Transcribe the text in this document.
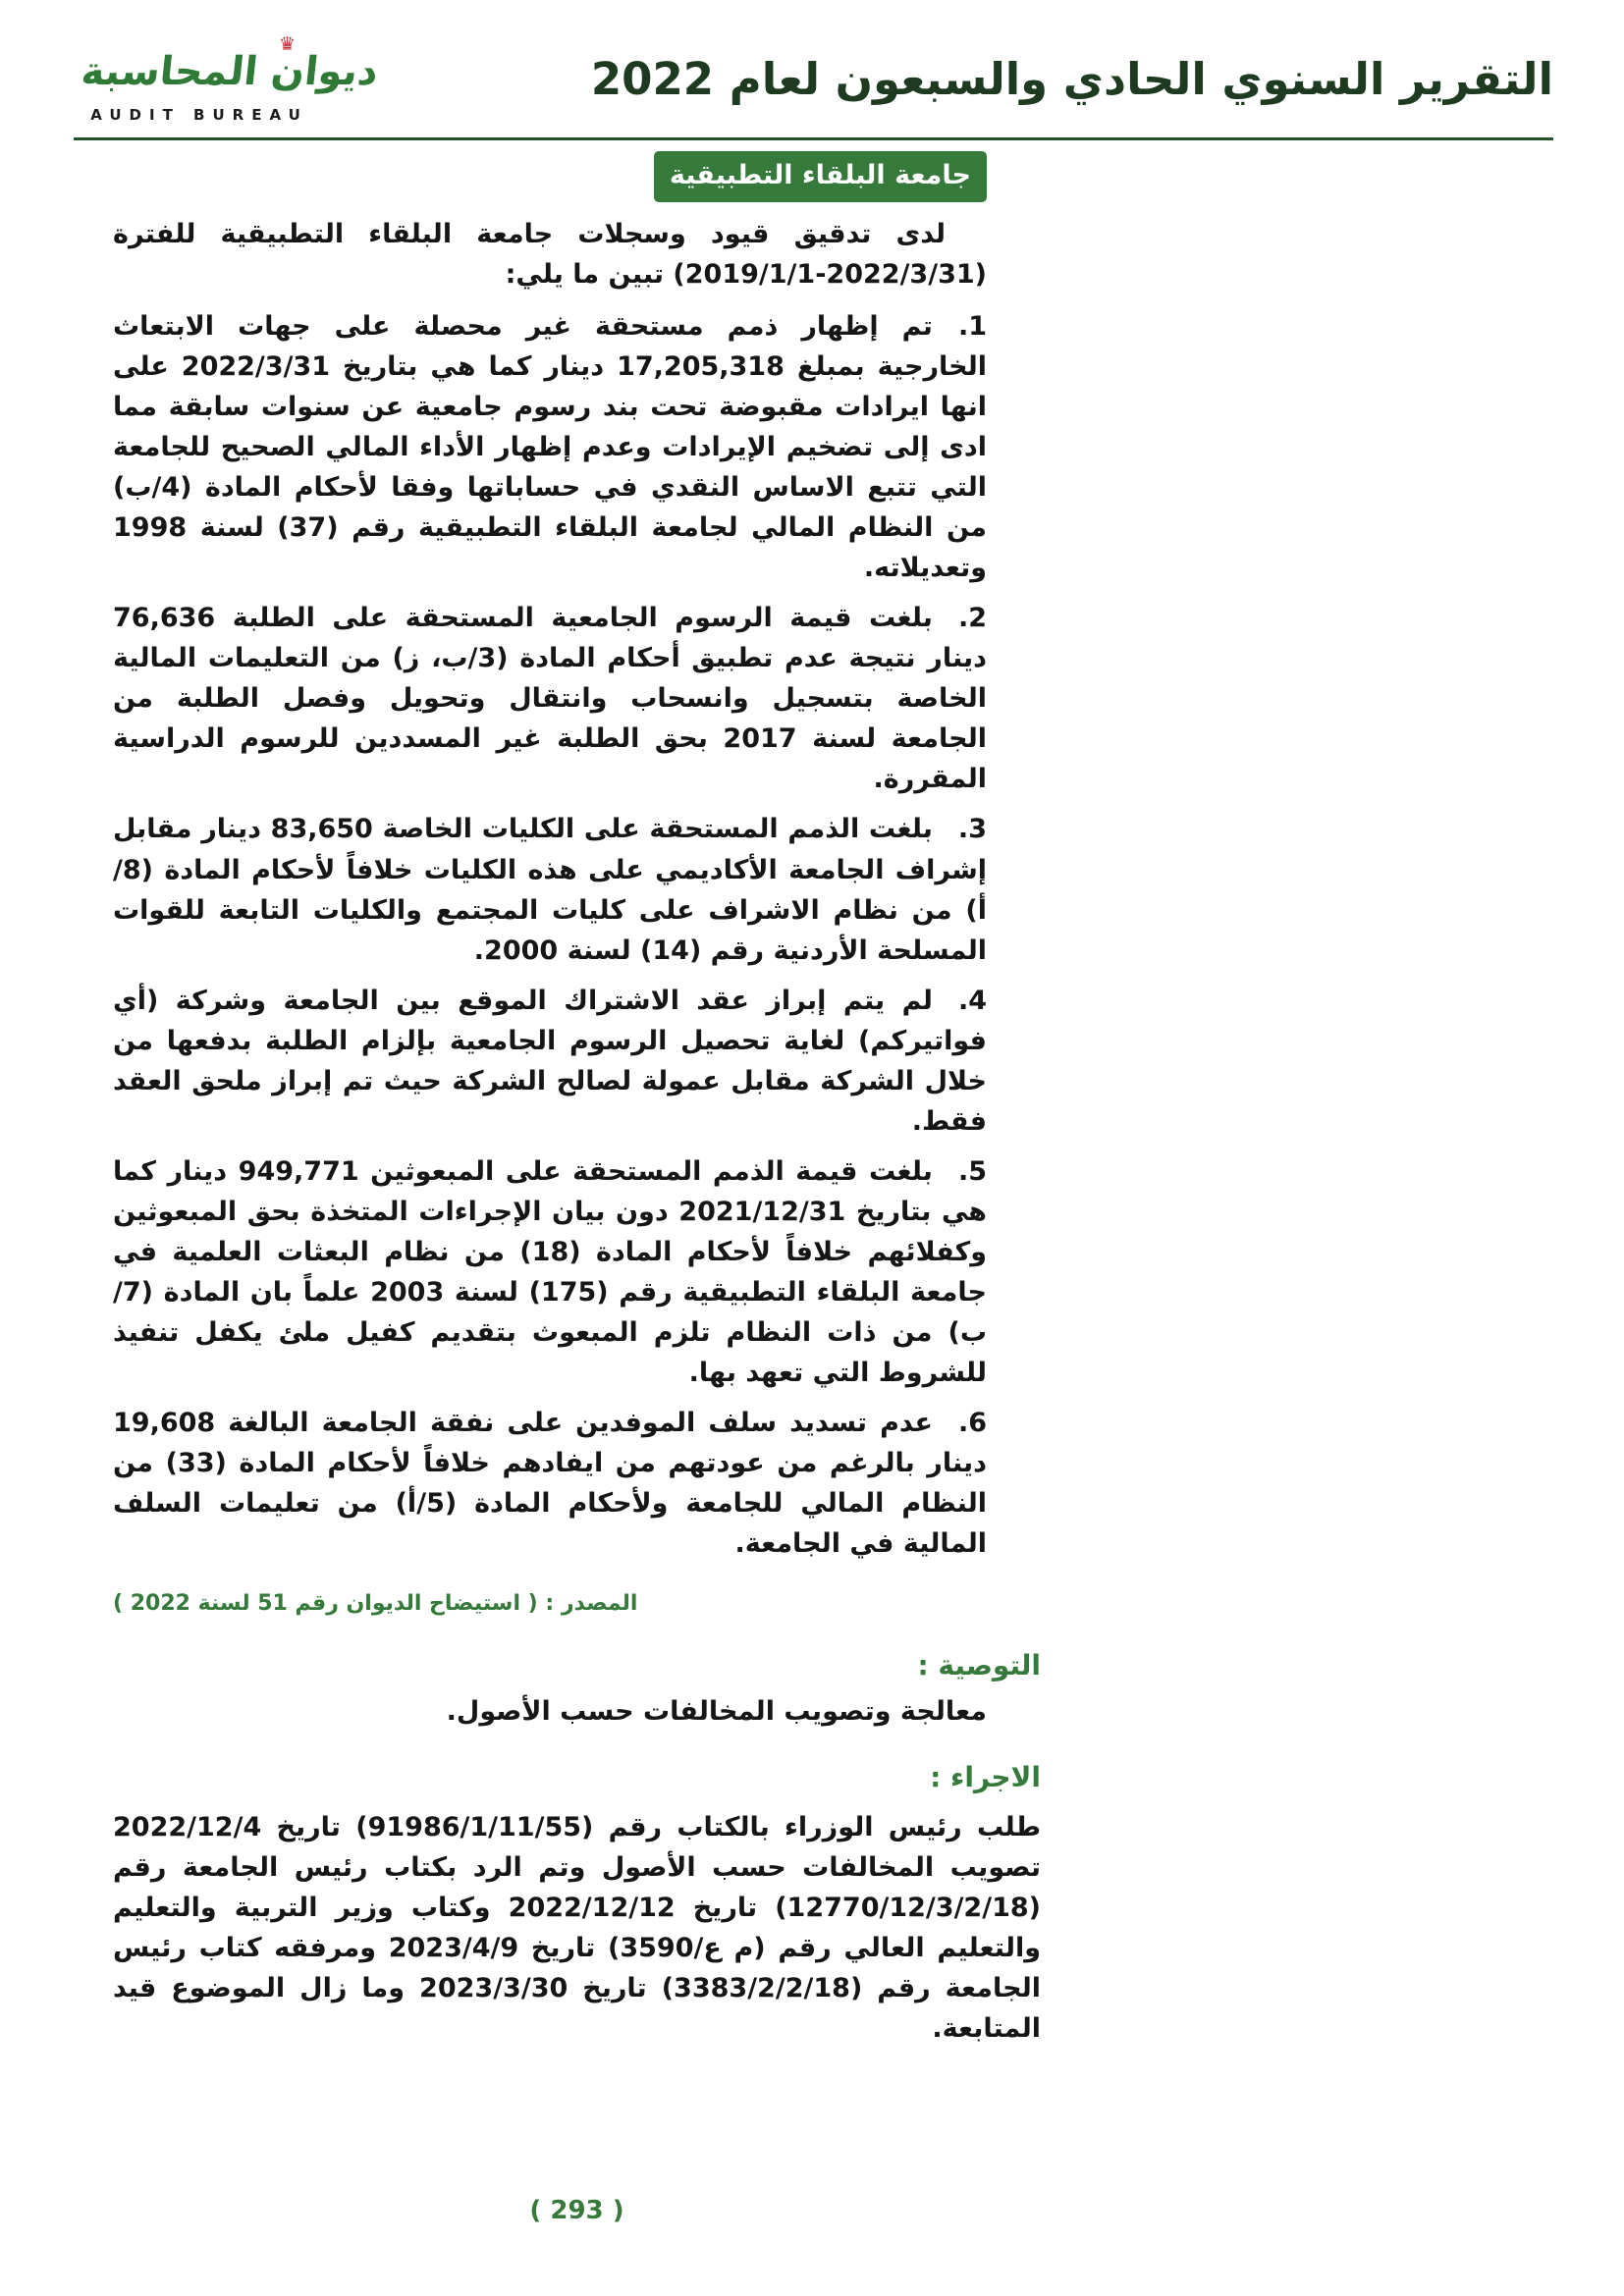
♛
ديوان المحاسبة
AUDIT BUREAU
التقرير السنوي الحادي والسبعون لعام 2022
جامعة البلقاء التطبيقية
لدى تدقيق قيود وسجلات جامعة البلقاء التطبيقية للفترة (2022/3/31-2019/1/1) تبين ما يلي:
1.تم إظهار ذمم مستحقة غير محصلة على جهات الابتعاث الخارجية بمبلغ 17,205,318 دينار كما هي بتاريخ 2022/3/31 على انها ايرادات مقبوضة تحت بند رسوم جامعية عن سنوات سابقة مما ادى إلى تضخيم الإيرادات وعدم إظهار الأداء المالي الصحيح للجامعة التي تتبع الاساس النقدي في حساباتها وفقا لأحكام المادة (4/ب) من النظام المالي لجامعة البلقاء التطبيقية رقم (37) لسنة 1998 وتعديلاته.
2.بلغت قيمة الرسوم الجامعية المستحقة على الطلبة 76,636 دينار نتيجة عدم تطبيق أحكام المادة (3/ب، ز) من التعليمات المالية الخاصة بتسجيل وانسحاب وانتقال وتحويل وفصل الطلبة من الجامعة لسنة 2017 بحق الطلبة غير المسددين للرسوم الدراسية المقررة.
3.بلغت الذمم المستحقة على الكليات الخاصة 83,650 دينار مقابل إشراف الجامعة الأكاديمي على هذه الكليات خلافاً لأحكام المادة (8/أ) من نظام الاشراف على كليات المجتمع والكليات التابعة للقوات المسلحة الأردنية رقم (14) لسنة 2000.
4.لم يتم إبراز عقد الاشتراك الموقع بين الجامعة وشركة (أي فواتيركم) لغاية تحصيل الرسوم الجامعية بإلزام الطلبة بدفعها من خلال الشركة مقابل عمولة لصالح الشركة حيث تم إبراز ملحق العقد فقط.
5.بلغت قيمة الذمم المستحقة على المبعوثين 949,771 دينار كما هي بتاريخ 2021/12/31 دون بيان الإجراءات المتخذة بحق المبعوثين وكفلائهم خلافاً لأحكام المادة (18) من نظام البعثات العلمية في جامعة البلقاء التطبيقية رقم (175) لسنة 2003 علماً بان المادة (7/ب) من ذات النظام تلزم المبعوث بتقديم كفيل ملئ يكفل تنفيذ للشروط التي تعهد بها.
6.عدم تسديد سلف الموفدين على نفقة الجامعة البالغة 19,608 دينار بالرغم من عودتهم من ايفادهم خلافاً لأحكام المادة (33) من النظام المالي للجامعة ولأحكام المادة (5/أ) من تعليمات السلف المالية في الجامعة.
المصدر : ( استيضاح الديوان رقم 51 لسنة 2022 )
التوصية :
معالجة وتصويب المخالفات حسب الأصول.
الاجراء :
طلب رئيس الوزراء بالكتاب رقم (91986/1/11/55) تاريخ 2022/12/4 تصويب المخالفات حسب الأصول وتم الرد بكتاب رئيس الجامعة رقم (12770/12/3/2/18) تاريخ 2022/12/12 وكتاب وزير التربية والتعليم والتعليم العالي رقم (م ع/3590) تاريخ 2023/4/9 ومرفقه كتاب رئيس الجامعة رقم (3383/2/2/18) تاريخ 2023/3/30 وما زال الموضوع قيد المتابعة.
( 293 )
